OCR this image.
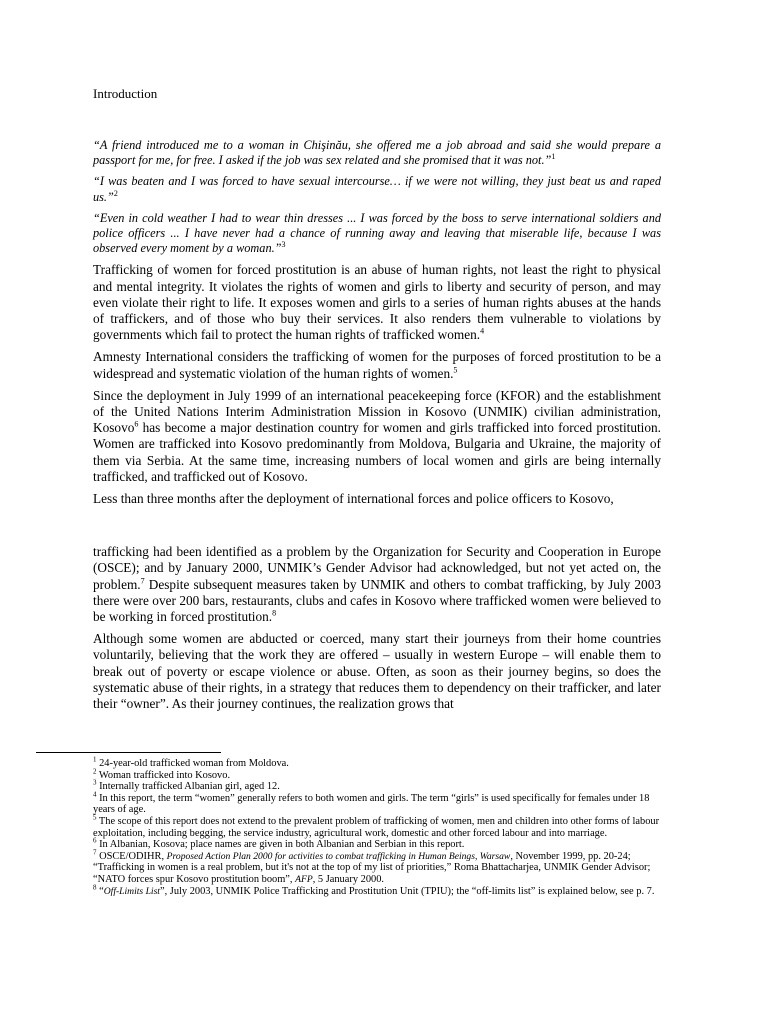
Introduction

“A friend introduced me to a woman in Chişinău, she offered me a job abroad and said she would prepare a passport for me, for free. I asked if the job was sex related and she promised that it was not.”$^1$

“I was beaten and I was forced to have sexual intercourse… if we were not willing, they just beat us and raped us.”$^2$

“Even in cold weather I had to wear thin dresses ... I was forced by the boss to serve international soldiers and police officers ... I have never had a chance of running away and leaving that miserable life, because I was observed every moment by a woman.”$^3$

Trafficking of women for forced prostitution is an abuse of human rights, not least the right to physical and mental integrity. It violates the rights of women and girls to liberty and security of person, and may even violate their right to life. It exposes women and girls to a series of human rights abuses at the hands of traffickers, and of those who buy their services. It also renders them vulnerable to violations by governments which fail to protect the human rights of trafficked women.$^4$

Amnesty International considers the trafficking of women for the purposes of forced prostitution to be a widespread and systematic violation of the human rights of women.$^5$

Since the deployment in July 1999 of an international peacekeeping force (KFOR) and the establishment of the United Nations Interim Administration Mission in Kosovo (UNMIK) civilian administration, Kosovo$^6$ has become a major destination country for women and girls trafficked into forced prostitution. Women are trafficked into Kosovo predominantly from Moldova, Bulgaria and Ukraine, the majority of them via Serbia. At the same time, increasing numbers of local women and girls are being internally trafficked, and trafficked out of Kosovo.

Less than three months after the deployment of international forces and police officers to Kosovo,

trafficking had been identified as a problem by the Organization for Security and Cooperation in Europe (OSCE); and by January 2000, UNMIK’s Gender Advisor had acknowledged, but not yet acted on, the problem.$^7$ Despite subsequent measures taken by UNMIK and others to combat trafficking, by July 2003 there were over 200 bars, restaurants, clubs and cafes in Kosovo where trafficked women were believed to be working in forced prostitution.$^8$

Although some women are abducted or coerced, many start their journeys from their home countries voluntarily, believing that the work they are offered – usually in western Europe – will enable them to break out of poverty or escape violence or abuse. Often, as soon as their journey begins, so does the systematic abuse of their rights, in a strategy that reduces them to dependency on their trafficker, and later their “owner”. As their journey continues, the realization grows that

$^1$ 24-year-old trafficked woman from Moldova.

$^2$ Woman trafficked into Kosovo.

$^3$ Internally trafficked Albanian girl, aged 12.

$^4$ In this report, the term “women” generally refers to both women and girls. The term “girls” is used specifically for females under 18 years of age.

$^5$ The scope of this report does not extend to the prevalent problem of trafficking of women, men and children into other forms of labour exploitation, including begging, the service industry, agricultural work, domestic and other forced labour and into marriage.

$^6$ In Albanian, Kosova; place names are given in both Albanian and Serbian in this report.

$^7$ OSCE/ODIHR, Proposed Action Plan 2000 for activities to combat trafficking in Human Beings, Warsaw, November 1999, pp. 20-24; “Trafficking in women is a real problem, but it's not at the top of my list of priorities,” Roma Bhattacharjea, UNMIK Gender Advisor; “NATO forces spur Kosovo prostitution boom”, AFP, 5 January 2000.

$^8$ “Off-Limits List”, July 2003, UNMIK Police Trafficking and Prostitution Unit (TPIU); the “off-limits list” is explained below, see p. 7.
